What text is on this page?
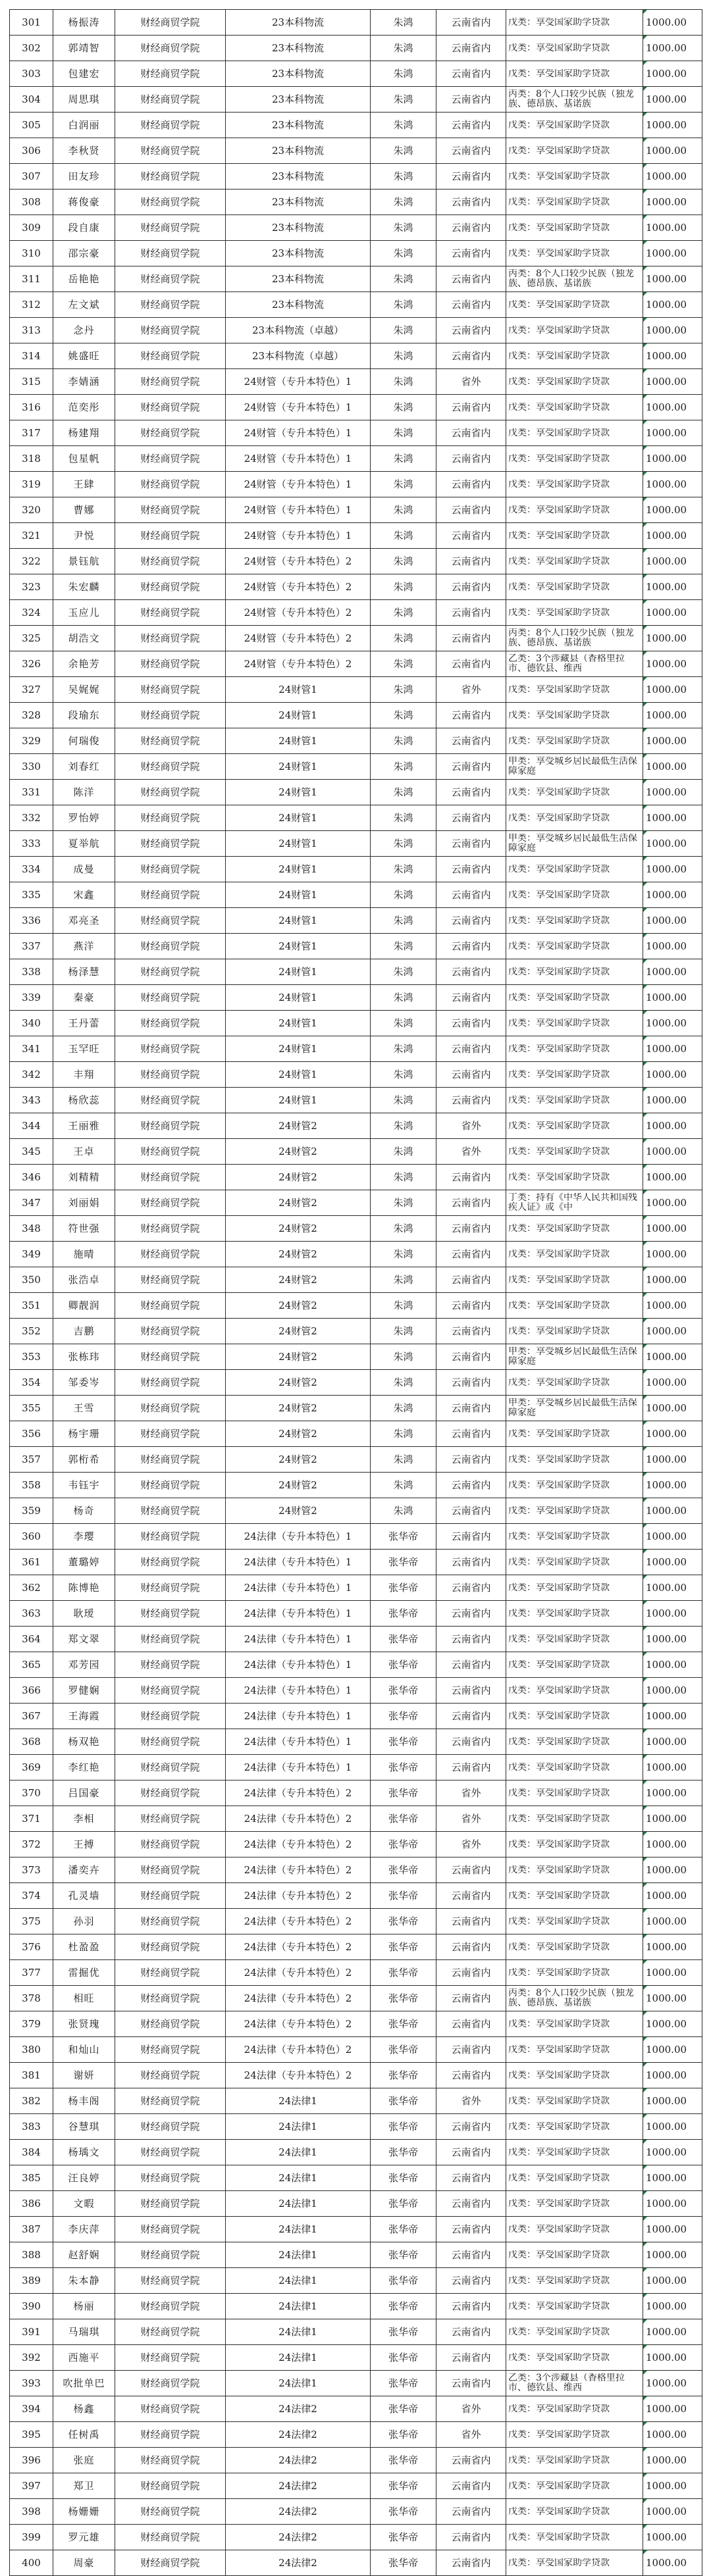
301	杨振涛	财经商贸学院	23本科物流	朱鸿	云南省内	戊类：享受国家助学贷款	1000.00
302	郭靖智	财经商贸学院	23本科物流	朱鸿	云南省内	戊类：享受国家助学贷款	1000.00
303	包建宏	财经商贸学院	23本科物流	朱鸿	云南省内	戊类：享受国家助学贷款	1000.00
304	周思琪	财经商贸学院	23本科物流	朱鸿	云南省内	丙类：8个人口较少民族（独龙族、德昂族、基诺族	1000.00
305	白润丽	财经商贸学院	23本科物流	朱鸿	云南省内	戊类：享受国家助学贷款	1000.00
306	李秋贤	财经商贸学院	23本科物流	朱鸿	云南省内	戊类：享受国家助学贷款	1000.00
307	田友珍	财经商贸学院	23本科物流	朱鸿	云南省内	戊类：享受国家助学贷款	1000.00
308	蒋俊豪	财经商贸学院	23本科物流	朱鸿	云南省内	戊类：享受国家助学贷款	1000.00
309	段自康	财经商贸学院	23本科物流	朱鸿	云南省内	戊类：享受国家助学贷款	1000.00
310	邵宗豪	财经商贸学院	23本科物流	朱鸿	云南省内	戊类：享受国家助学贷款	1000.00
311	岳艳艳	财经商贸学院	23本科物流	朱鸿	云南省内	丙类：8个人口较少民族（独龙族、德昂族、基诺族	1000.00
312	左文斌	财经商贸学院	23本科物流	朱鸿	云南省内	戊类：享受国家助学贷款	1000.00
313	念丹	财经商贸学院	23本科物流（卓越）	朱鸿	云南省内	戊类：享受国家助学贷款	1000.00
314	姚盛旺	财经商贸学院	23本科物流（卓越）	朱鸿	云南省内	戊类：享受国家助学贷款	1000.00
315	李婧涵	财经商贸学院	24财管（专升本特色）1	朱鸿	省外	戊类：享受国家助学贷款	1000.00
316	范奕彤	财经商贸学院	24财管（专升本特色）1	朱鸿	云南省内	戊类：享受国家助学贷款	1000.00
317	杨建翔	财经商贸学院	24财管（专升本特色）1	朱鸿	云南省内	戊类：享受国家助学贷款	1000.00
318	包星帆	财经商贸学院	24财管（专升本特色）1	朱鸿	云南省内	戊类：享受国家助学贷款	1000.00
319	王肆	财经商贸学院	24财管（专升本特色）1	朱鸿	云南省内	戊类：享受国家助学贷款	1000.00
320	曹娜	财经商贸学院	24财管（专升本特色）1	朱鸿	云南省内	戊类：享受国家助学贷款	1000.00
321	尹悦	财经商贸学院	24财管（专升本特色）1	朱鸿	云南省内	戊类：享受国家助学贷款	1000.00
322	景钰航	财经商贸学院	24财管（专升本特色）2	朱鸿	云南省内	戊类：享受国家助学贷款	1000.00
323	朱宏麟	财经商贸学院	24财管（专升本特色）2	朱鸿	云南省内	戊类：享受国家助学贷款	1000.00
324	玉应儿	财经商贸学院	24财管（专升本特色）2	朱鸿	云南省内	戊类：享受国家助学贷款	1000.00
325	胡浩文	财经商贸学院	24财管（专升本特色）2	朱鸿	云南省内	丙类：8个人口较少民族（独龙族、德昂族、基诺族	1000.00
326	余艳芳	财经商贸学院	24财管（专升本特色）2	朱鸿	云南省内	乙类：3个涉藏县（香格里拉市、德钦县、维西	1000.00
327	吴娓娓	财经商贸学院	24财管1	朱鸿	省外	戊类：享受国家助学贷款	1000.00
328	段瑜东	财经商贸学院	24财管1	朱鸿	云南省内	戊类：享受国家助学贷款	1000.00
329	何瑞俊	财经商贸学院	24财管1	朱鸿	云南省内	戊类：享受国家助学贷款	1000.00
330	刘春红	财经商贸学院	24财管1	朱鸿	云南省内	甲类：享受城乡居民最低生活保障家庭	1000.00
331	陈洋	财经商贸学院	24财管1	朱鸿	云南省内	戊类：享受国家助学贷款	1000.00
332	罗怡婷	财经商贸学院	24财管1	朱鸿	云南省内	戊类：享受国家助学贷款	1000.00
333	夏举航	财经商贸学院	24财管1	朱鸿	云南省内	甲类：享受城乡居民最低生活保障家庭	1000.00
334	成曼	财经商贸学院	24财管1	朱鸿	云南省内	戊类：享受国家助学贷款	1000.00
335	宋鑫	财经商贸学院	24财管1	朱鸿	云南省内	戊类：享受国家助学贷款	1000.00
336	邓亮圣	财经商贸学院	24财管1	朱鸿	云南省内	戊类：享受国家助学贷款	1000.00
337	燕洋	财经商贸学院	24财管1	朱鸿	云南省内	戊类：享受国家助学贷款	1000.00
338	杨泽慧	财经商贸学院	24财管1	朱鸿	云南省内	戊类：享受国家助学贷款	1000.00
339	秦豪	财经商贸学院	24财管1	朱鸿	云南省内	戊类：享受国家助学贷款	1000.00
340	王丹蕾	财经商贸学院	24财管1	朱鸿	云南省内	戊类：享受国家助学贷款	1000.00
341	玉罕旺	财经商贸学院	24财管1	朱鸿	云南省内	戊类：享受国家助学贷款	1000.00
342	丰翔	财经商贸学院	24财管1	朱鸿	云南省内	戊类：享受国家助学贷款	1000.00
343	杨欣蕊	财经商贸学院	24财管1	朱鸿	云南省内	戊类：享受国家助学贷款	1000.00
344	王丽雅	财经商贸学院	24财管2	朱鸿	省外	戊类：享受国家助学贷款	1000.00
345	王卓	财经商贸学院	24财管2	朱鸿	省外	戊类：享受国家助学贷款	1000.00
346	刘精精	财经商贸学院	24财管2	朱鸿	云南省内	戊类：享受国家助学贷款	1000.00
347	刘丽娟	财经商贸学院	24财管2	朱鸿	云南省内	丁类：持有《中华人民共和国残疾人证》或《中	1000.00
348	符世强	财经商贸学院	24财管2	朱鸿	云南省内	戊类：享受国家助学贷款	1000.00
349	施晴	财经商贸学院	24财管2	朱鸿	云南省内	戊类：享受国家助学贷款	1000.00
350	张浩卓	财经商贸学院	24财管2	朱鸿	云南省内	戊类：享受国家助学贷款	1000.00
351	卿靓润	财经商贸学院	24财管2	朱鸿	云南省内	戊类：享受国家助学贷款	1000.00
352	吉鹏	财经商贸学院	24财管2	朱鸿	云南省内	戊类：享受国家助学贷款	1000.00
353	张栋玮	财经商贸学院	24财管2	朱鸿	云南省内	甲类：享受城乡居民最低生活保障家庭	1000.00
354	邹委岑	财经商贸学院	24财管2	朱鸿	云南省内	戊类：享受国家助学贷款	1000.00
355	王雪	财经商贸学院	24财管2	朱鸿	云南省内	甲类：享受城乡居民最低生活保障家庭	1000.00
356	杨宇珊	财经商贸学院	24财管2	朱鸿	云南省内	戊类：享受国家助学贷款	1000.00
357	郭桁希	财经商贸学院	24财管2	朱鸿	云南省内	戊类：享受国家助学贷款	1000.00
358	韦钰宇	财经商贸学院	24财管2	朱鸿	云南省内	戊类：享受国家助学贷款	1000.00
359	杨奇	财经商贸学院	24财管2	朱鸿	云南省内	戊类：享受国家助学贷款	1000.00
360	李璎	财经商贸学院	24法律（专升本特色）1	张华帝	云南省内	戊类：享受国家助学贷款	1000.00
361	董璐婷	财经商贸学院	24法律（专升本特色）1	张华帝	云南省内	戊类：享受国家助学贷款	1000.00
362	陈博艳	财经商贸学院	24法律（专升本特色）1	张华帝	云南省内	戊类：享受国家助学贷款	1000.00
363	耿瑷	财经商贸学院	24法律（专升本特色）1	张华帝	云南省内	戊类：享受国家助学贷款	1000.00
364	郑文翠	财经商贸学院	24法律（专升本特色）1	张华帝	云南省内	戊类：享受国家助学贷款	1000.00
365	邓芳园	财经商贸学院	24法律（专升本特色）1	张华帝	云南省内	戊类：享受国家助学贷款	1000.00
366	罗健娴	财经商贸学院	24法律（专升本特色）1	张华帝	云南省内	戊类：享受国家助学贷款	1000.00
367	王海霞	财经商贸学院	24法律（专升本特色）1	张华帝	云南省内	戊类：享受国家助学贷款	1000.00
368	杨双艳	财经商贸学院	24法律（专升本特色）1	张华帝	云南省内	戊类：享受国家助学贷款	1000.00
369	李红艳	财经商贸学院	24法律（专升本特色）1	张华帝	云南省内	戊类：享受国家助学贷款	1000.00
370	吕国豪	财经商贸学院	24法律（专升本特色）2	张华帝	省外	戊类：享受国家助学贷款	1000.00
371	李相	财经商贸学院	24法律（专升本特色）2	张华帝	省外	戊类：享受国家助学贷款	1000.00
372	王搏	财经商贸学院	24法律（专升本特色）2	张华帝	省外	戊类：享受国家助学贷款	1000.00
373	潘奕卉	财经商贸学院	24法律（专升本特色）2	张华帝	云南省内	戊类：享受国家助学贷款	1000.00
374	孔灵墙	财经商贸学院	24法律（专升本特色）2	张华帝	云南省内	戊类：享受国家助学贷款	1000.00
375	孙羽	财经商贸学院	24法律（专升本特色）2	张华帝	云南省内	戊类：享受国家助学贷款	1000.00
376	杜盈盈	财经商贸学院	24法律（专升本特色）2	张华帝	云南省内	戊类：享受国家助学贷款	1000.00
377	雷掘优	财经商贸学院	24法律（专升本特色）2	张华帝	云南省内	戊类：享受国家助学贷款	1000.00
378	相旺	财经商贸学院	24法律（专升本特色）2	张华帝	云南省内	丙类：8个人口较少民族（独龙族、德昂族、基诺族	1000.00
379	张贤瑰	财经商贸学院	24法律（专升本特色）2	张华帝	云南省内	戊类：享受国家助学贷款	1000.00
380	和灿山	财经商贸学院	24法律（专升本特色）2	张华帝	云南省内	戊类：享受国家助学贷款	1000.00
381	谢妍	财经商贸学院	24法律（专升本特色）2	张华帝	云南省内	戊类：享受国家助学贷款	1000.00
382	杨丰阁	财经商贸学院	24法律1	张华帝	省外	戊类：享受国家助学贷款	1000.00
383	谷慧琪	财经商贸学院	24法律1	张华帝	云南省内	戊类：享受国家助学贷款	1000.00
384	杨瑀文	财经商贸学院	24法律1	张华帝	云南省内	戊类：享受国家助学贷款	1000.00
385	汪良婷	财经商贸学院	24法律1	张华帝	云南省内	戊类：享受国家助学贷款	1000.00
386	文暇	财经商贸学院	24法律1	张华帝	云南省内	戊类：享受国家助学贷款	1000.00
387	李庆萍	财经商贸学院	24法律1	张华帝	云南省内	戊类：享受国家助学贷款	1000.00
388	赵舒娴	财经商贸学院	24法律1	张华帝	云南省内	戊类：享受国家助学贷款	1000.00
389	朱本静	财经商贸学院	24法律1	张华帝	云南省内	戊类：享受国家助学贷款	1000.00
390	杨丽	财经商贸学院	24法律1	张华帝	云南省内	戊类：享受国家助学贷款	1000.00
391	马瑞琪	财经商贸学院	24法律1	张华帝	云南省内	戊类：享受国家助学贷款	1000.00
392	西施平	财经商贸学院	24法律1	张华帝	云南省内	戊类：享受国家助学贷款	1000.00
393	吹批单巴	财经商贸学院	24法律1	张华帝	云南省内	乙类：3个涉藏县（香格里拉市、德钦县、维西	1000.00
394	杨鑫	财经商贸学院	24法律2	张华帝	省外	戊类：享受国家助学贷款	1000.00
395	任树禹	财经商贸学院	24法律2	张华帝	省外	戊类：享受国家助学贷款	1000.00
396	张庭	财经商贸学院	24法律2	张华帝	云南省内	戊类：享受国家助学贷款	1000.00
397	郑卫	财经商贸学院	24法律2	张华帝	云南省内	戊类：享受国家助学贷款	1000.00
398	杨姗姗	财经商贸学院	24法律2	张华帝	云南省内	戊类：享受国家助学贷款	1000.00
399	罗元雄	财经商贸学院	24法律2	张华帝	云南省内	戊类：享受国家助学贷款	1000.00
400	周豪	财经商贸学院	24法律2	张华帝	云南省内	戊类：享受国家助学贷款	1000.00
